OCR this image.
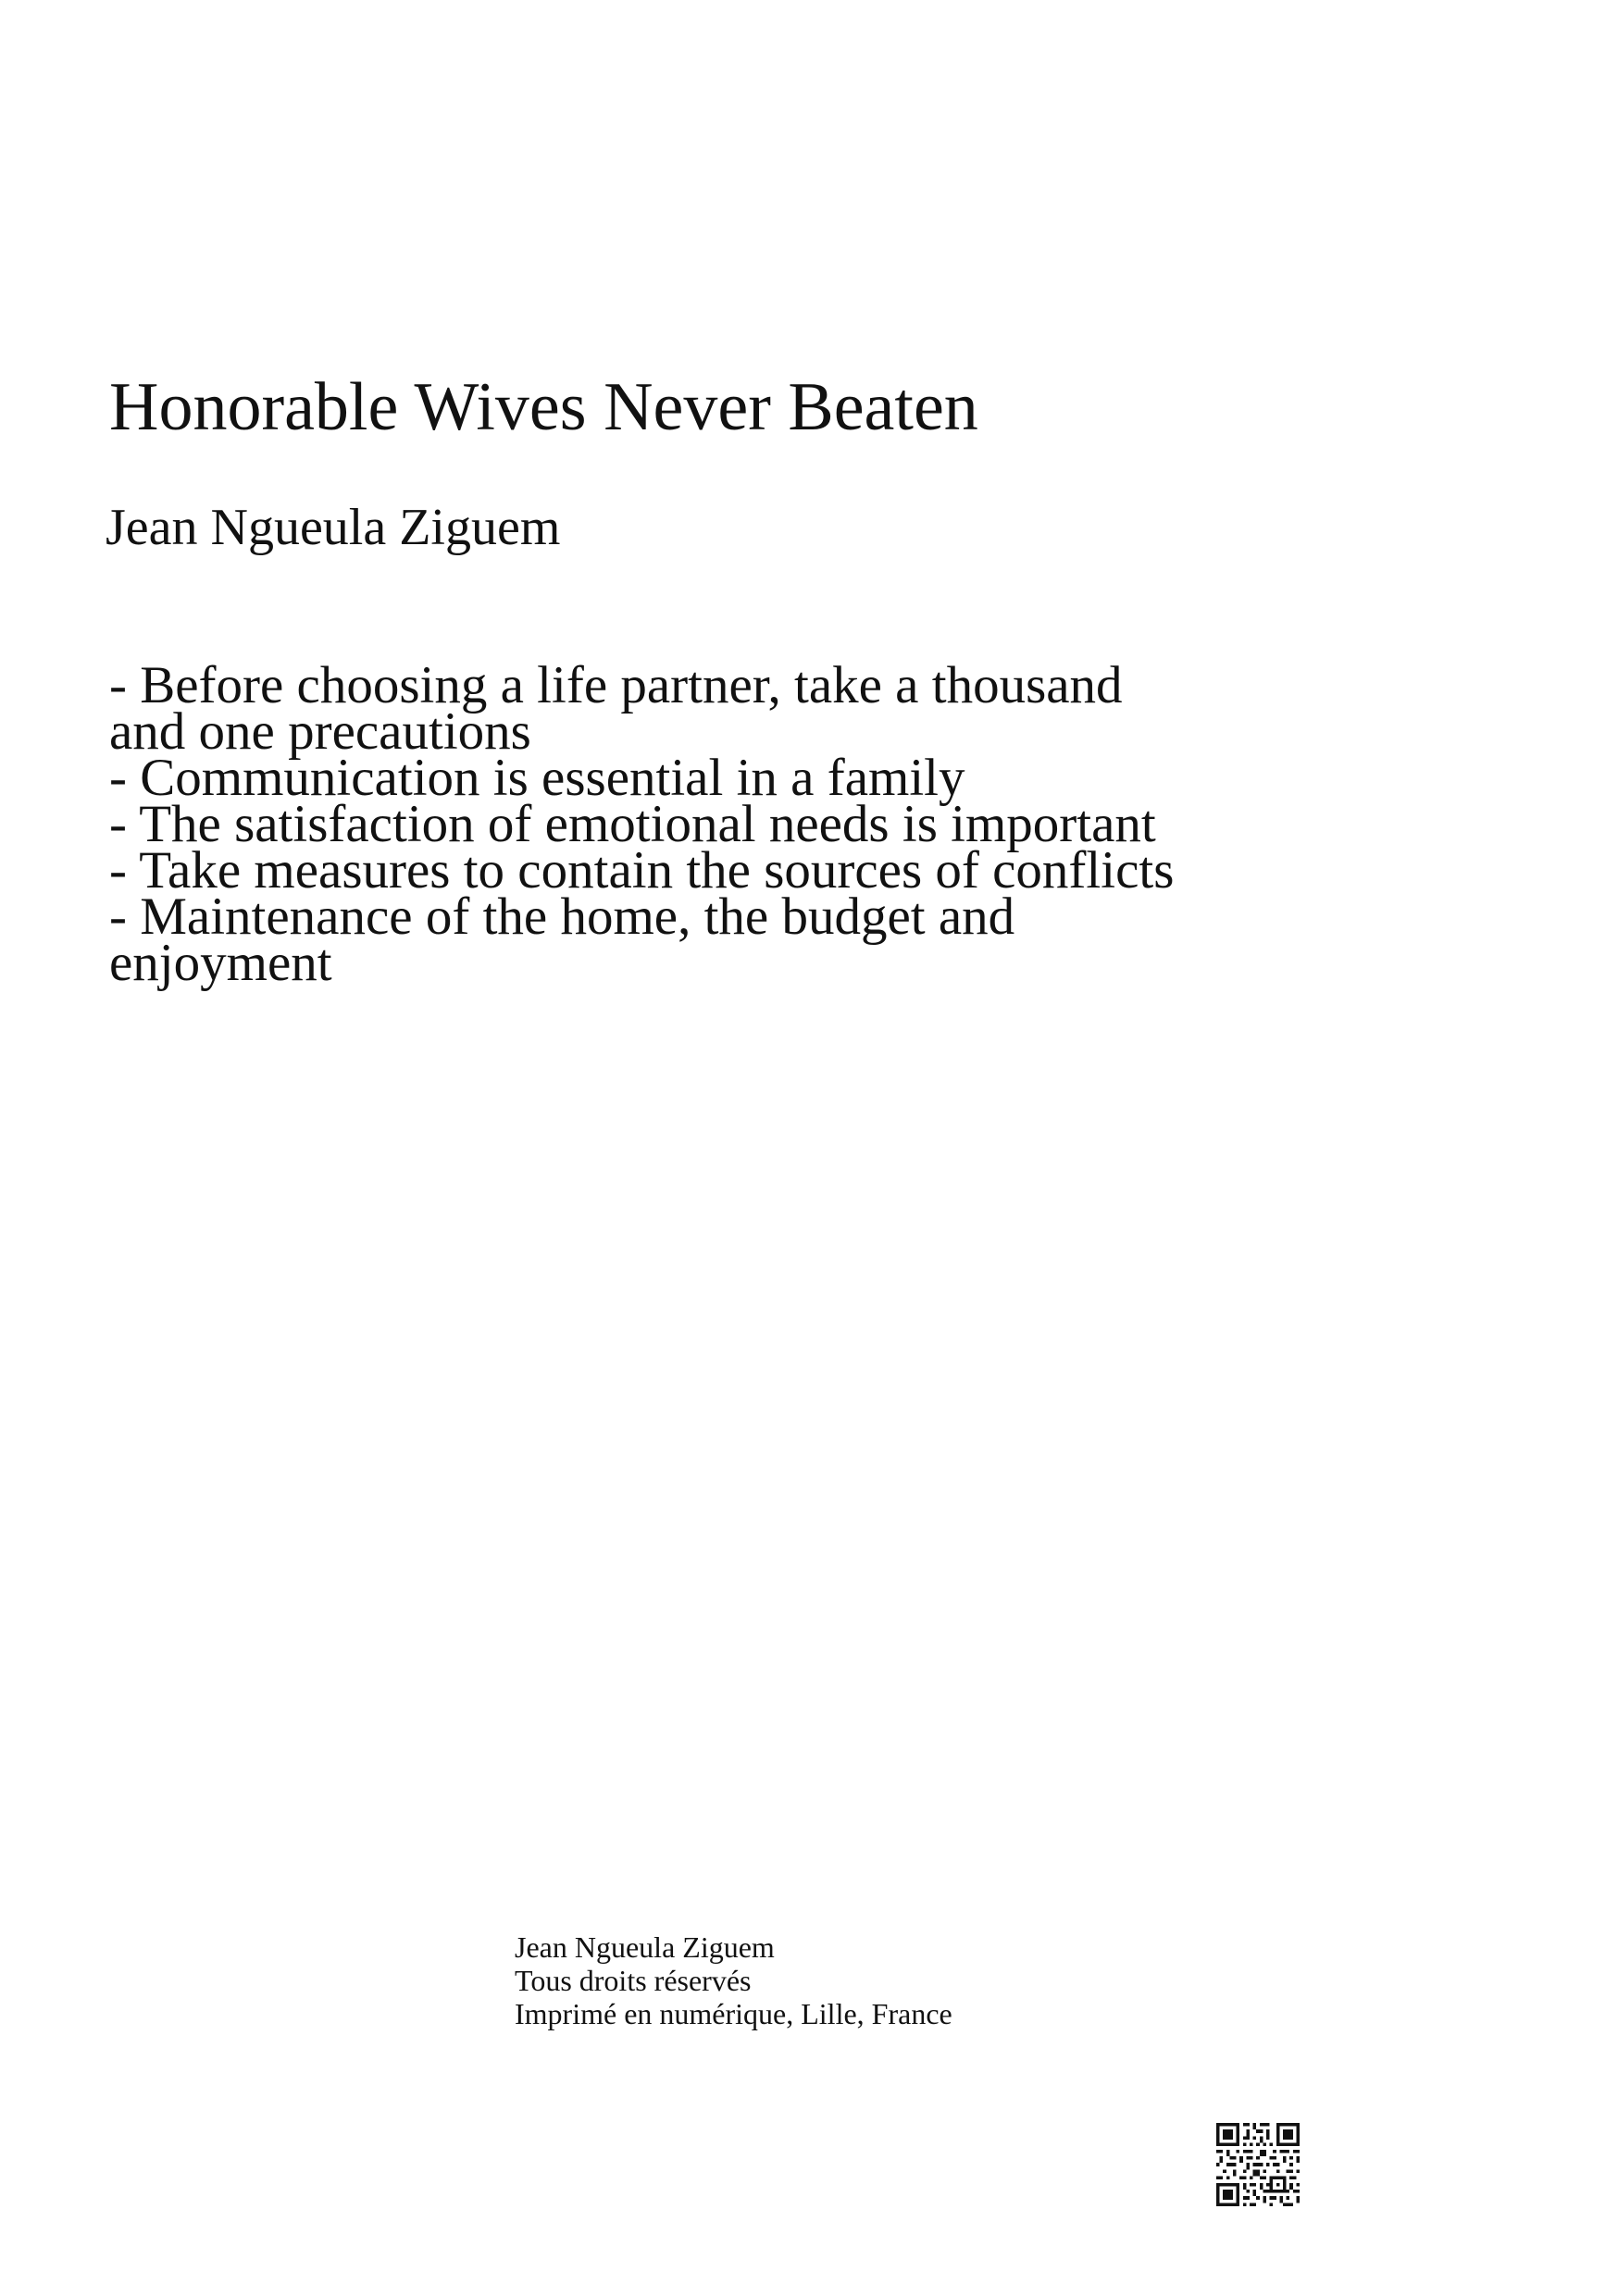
Honorable Wives Never Beaten
Jean Ngueula Ziguem
- Before choosing a life partner, take a thousand and one precautions
- Communication is essential in a family
- The satisfaction of emotional needs is important
- Take measures to contain the sources of conflicts
- Maintenance of the home, the budget and enjoyment
Jean Ngueula Ziguem
Tous droits réservés
Imprimé en numérique, Lille, France
